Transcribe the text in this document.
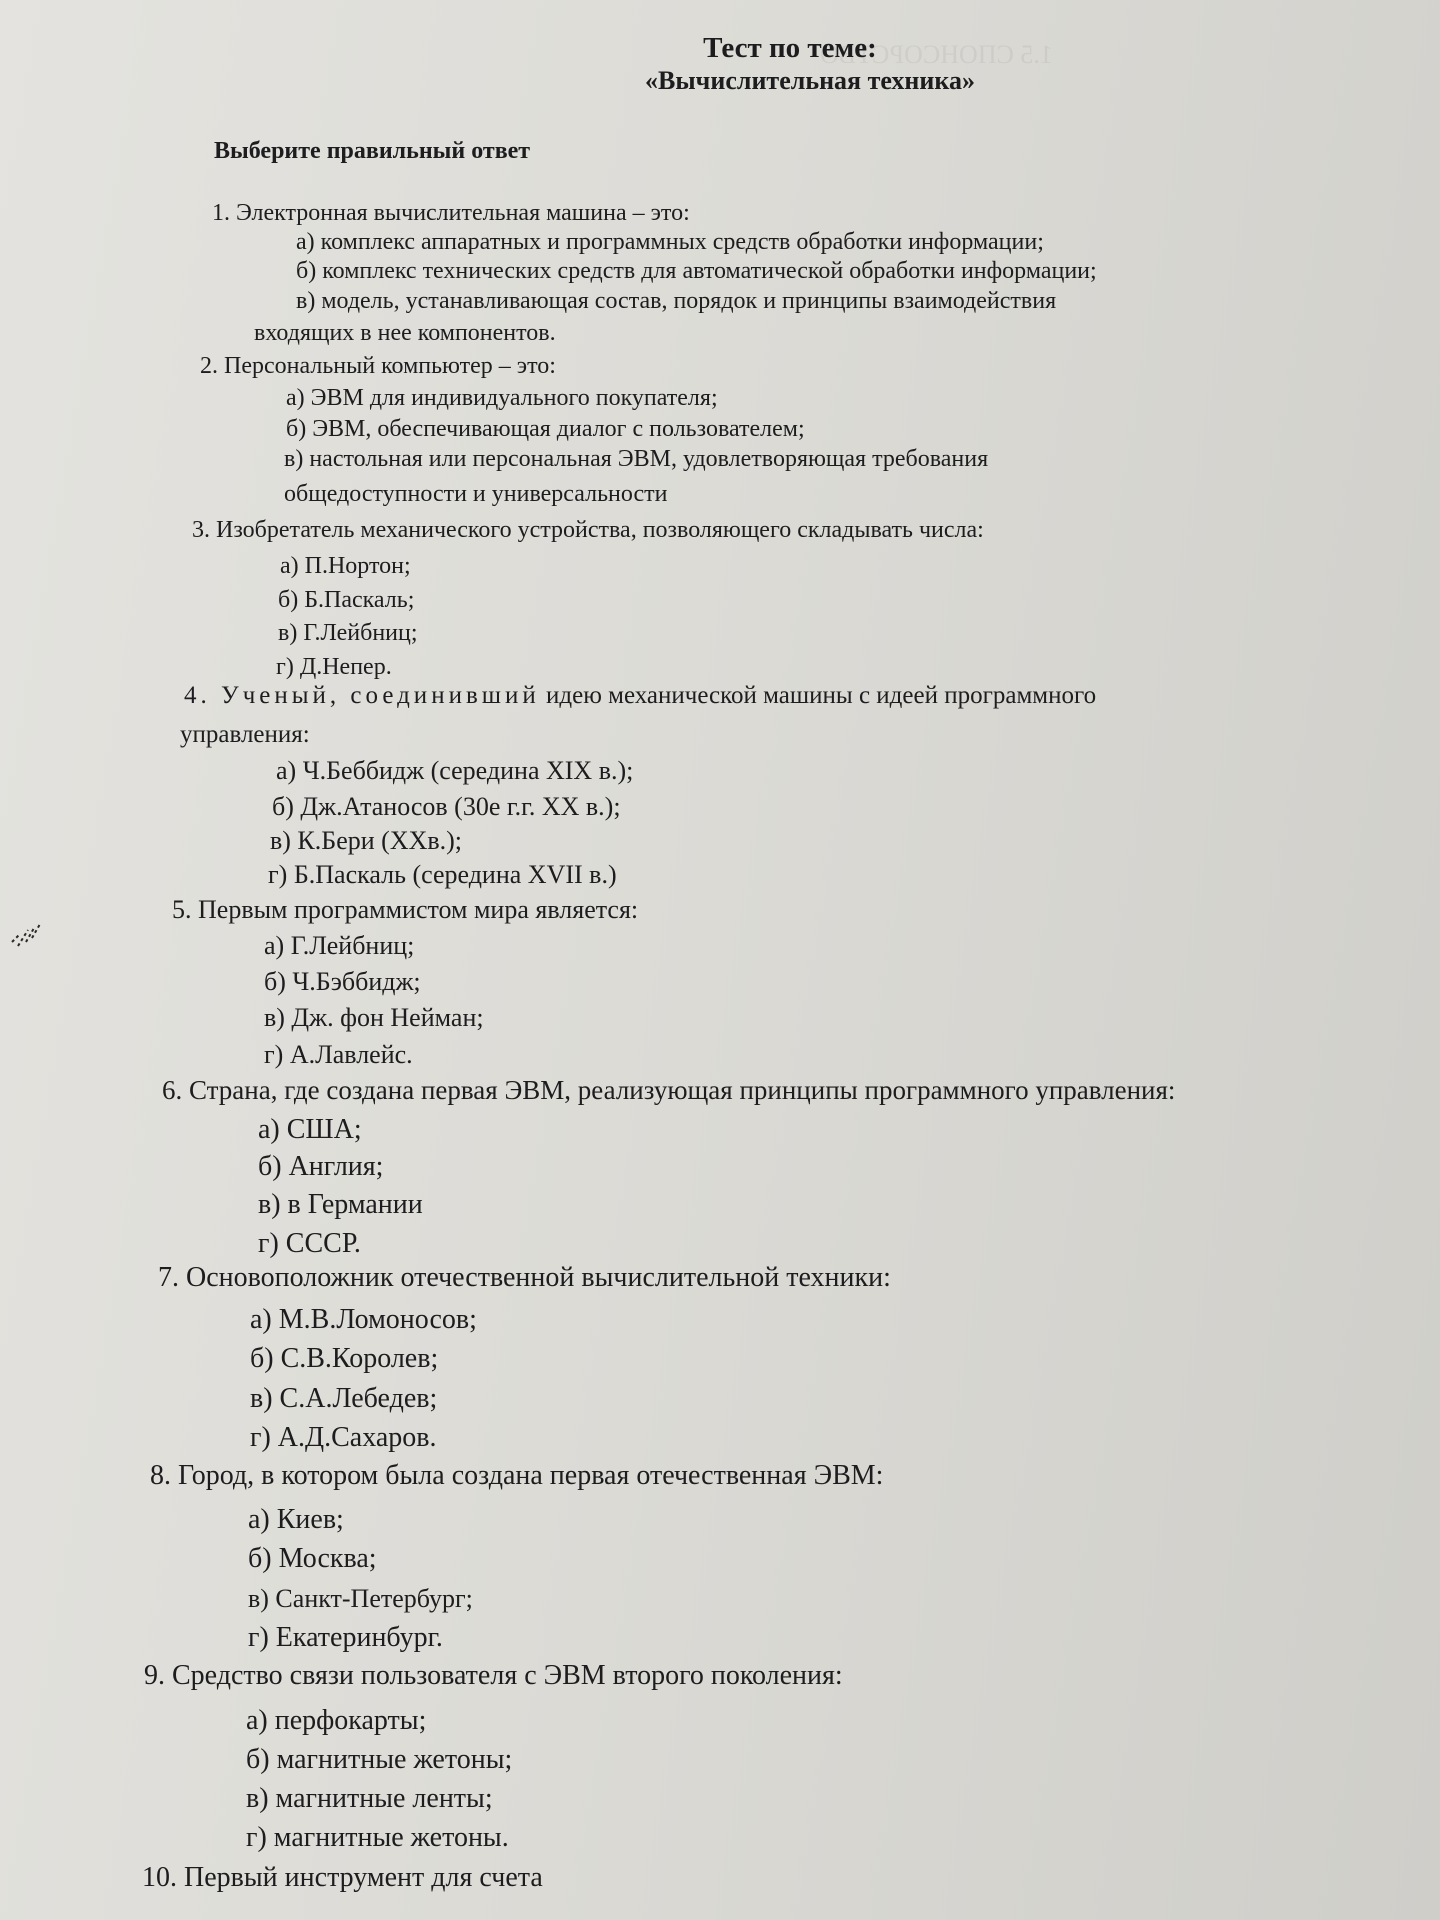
1.5 СПОНСОРСТВО
Тест по теме:
«Вычислительная техника»
Выберите правильный ответ
1. Электронная вычислительная машина – это:
а) комплекс аппаратных и программных средств обработки информации;
б) комплекс технических средств для автоматической обработки информации;
в) модель, устанавливающая состав, порядок и принципы взаимодействия
входящих в нее компонентов.
2. Персональный компьютер – это:
а) ЭВМ для индивидуального покупателя;
б) ЭВМ, обеспечивающая диалог с пользователем;
в) настольная или персональная ЭВМ, удовлетворяющая требования
общедоступности и универсальности
3. Изобретатель механического устройства, позволяющего складывать числа:
а) П.Нортон;
б) Б.Паскаль;
в) Г.Лейбниц;
г) Д.Непер.
4. Ученый, соединивший идею механической машины с идеей программного
управления:
а) Ч.Беббидж (середина XIX в.);
б) Дж.Атаносов (30е г.г. XX в.);
в) К.Бери (XXв.);
г) Б.Паскаль (середина XVII в.)
5. Первым программистом мира является:
а) Г.Лейбниц;
б) Ч.Бэббидж;
в) Дж. фон Нейман;
г) А.Лавлейс.
6. Страна, где создана первая ЭВМ, реализующая принципы программного управления:
а) США;
б) Англия;
в) в Германии
г) СССР.
7. Основоположник отечественной вычислительной техники:
а) М.В.Ломоносов;
б) С.В.Королев;
в) С.А.Лебедев;
г) А.Д.Сахаров.
8. Город, в котором была создана первая отечественная ЭВМ:
а) Киев;
б) Москва;
в) Санкт-Петербург;
г) Екатеринбург.
9. Средство связи пользователя с ЭВМ второго поколения:
а) перфокарты;
б) магнитные жетоны;
в) магнитные ленты;
г) магнитные жетоны.
10. Первый инструмент для счета
